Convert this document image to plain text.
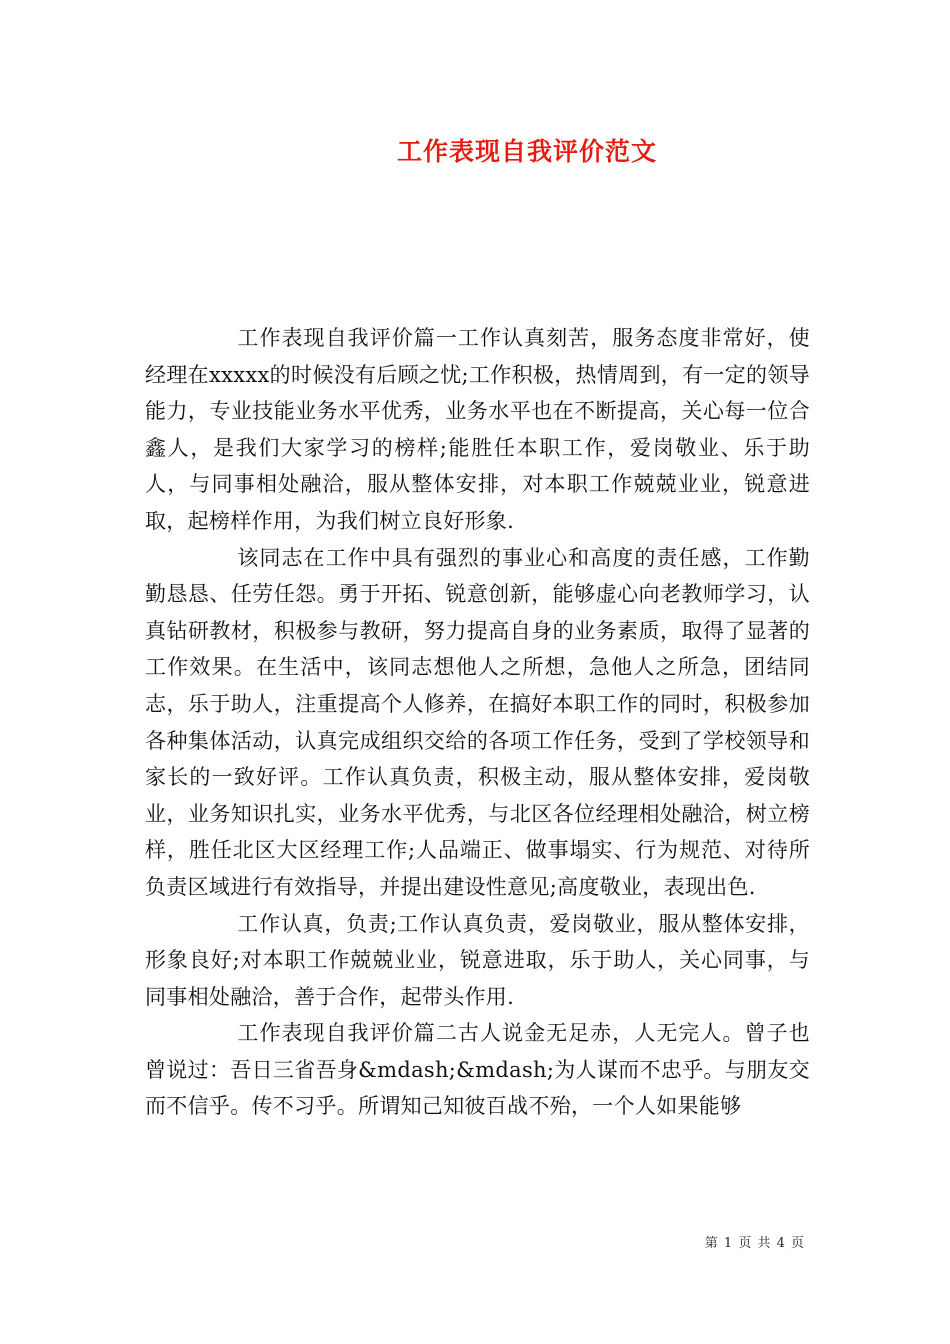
工作表现自我评价范文

工作表现自我评价篇一工作认真刻苦，服务态度非常好，使经理在xxxxx的时候没有后顾之忧;工作积极，热情周到，有一定的领导能力，专业技能业务水平优秀，业务水平也在不断提高，关心每一位合鑫人，是我们大家学习的榜样;能胜任本职工作，爱岗敬业、乐于助人，与同事相处融洽，服从整体安排，对本职工作兢兢业业，锐意进取，起榜样作用，为我们树立良好形象.

该同志在工作中具有强烈的事业心和高度的责任感，工作勤勤恳恳、任劳任怨。勇于开拓、锐意创新，能够虚心向老教师学习，认真钻研教材，积极参与教研，努力提高自身的业务素质，取得了显著的工作效果。在生活中，该同志想他人之所想，急他人之所急，团结同志，乐于助人，注重提高个人修养，在搞好本职工作的同时，积极参加各种集体活动，认真完成组织交给的各项工作任务，受到了学校领导和家长的一致好评。工作认真负责，积极主动，服从整体安排，爱岗敬业，业务知识扎实，业务水平优秀，与北区各位经理相处融洽，树立榜样，胜任北区大区经理工作;人品端正、做事塌实、行为规范、对待所负责区域进行有效指导，并提出建设性意见;高度敬业，表现出色.

工作认真，负责;工作认真负责，爱岗敬业，服从整体安排，形象良好;对本职工作兢兢业业，锐意进取，乐于助人，关心同事，与同事相处融洽，善于合作，起带头作用.

工作表现自我评价篇二古人说金无足赤，人无完人。曾子也曾说过：吾日三省吾身&mdash;&mdash;为人谋而不忠乎。与朋友交而不信乎。传不习乎。所谓知己知彼百战不殆，一个人如果能够

第 1 页 共 4 页
